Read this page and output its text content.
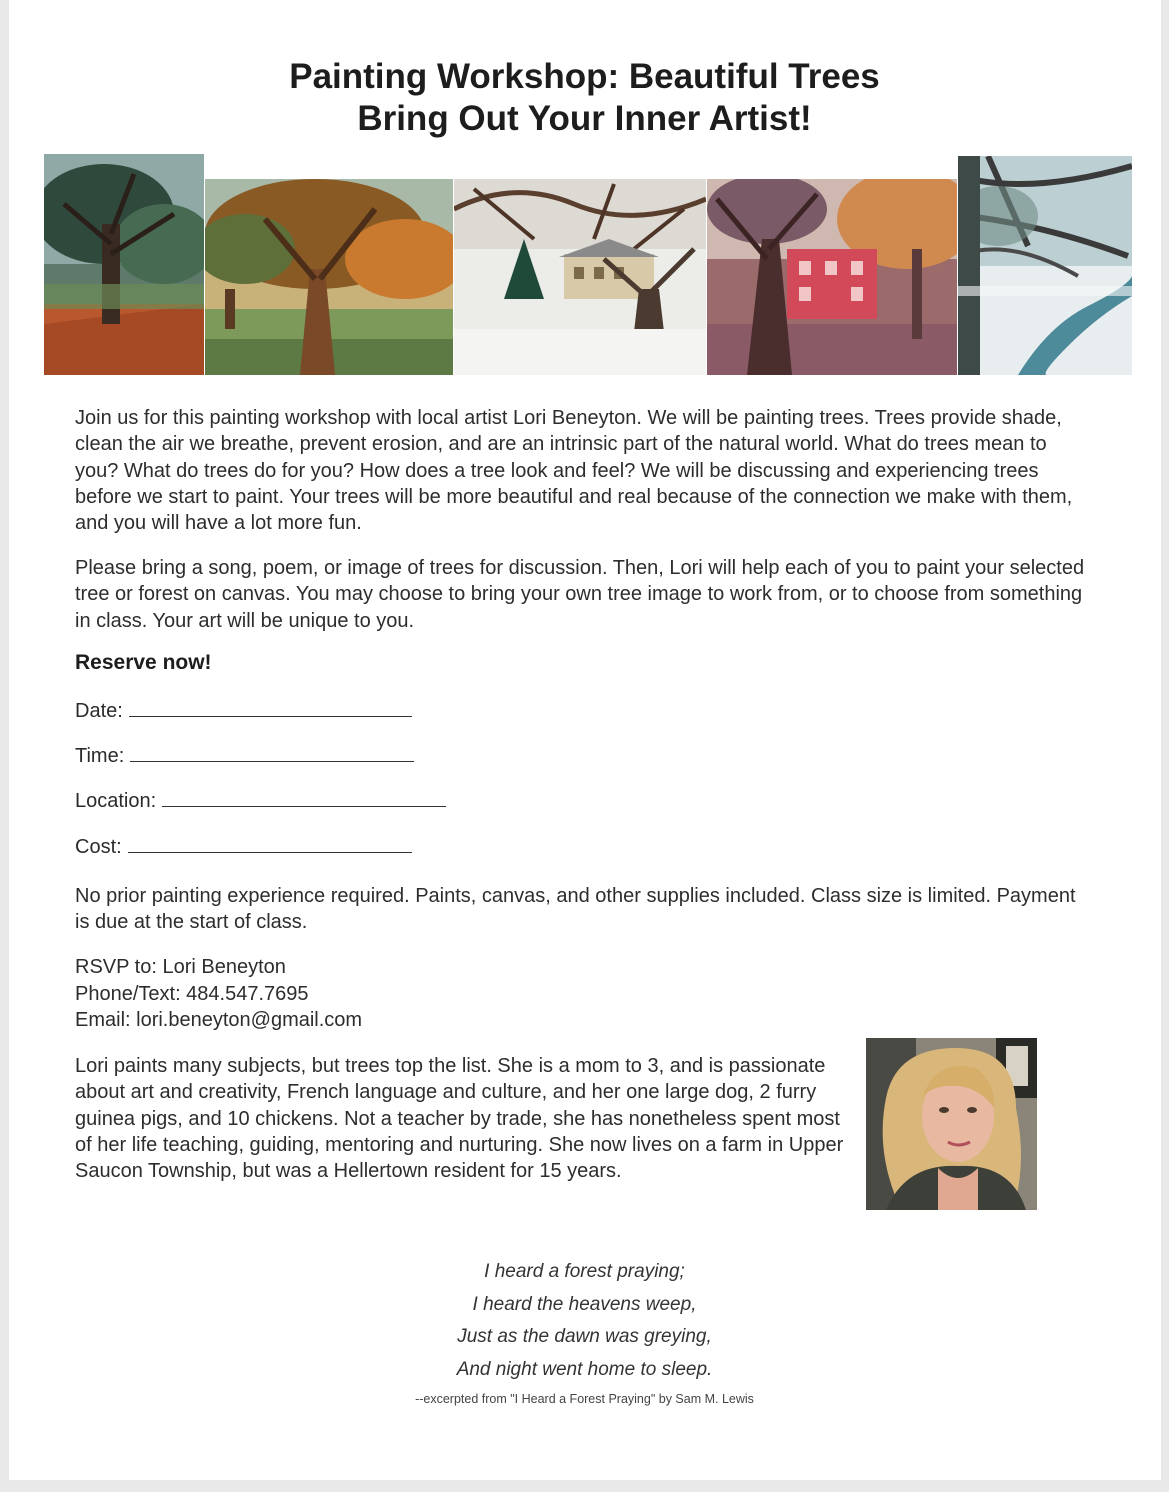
Painting Workshop: Beautiful Trees
Bring Out Your Inner Artist!

Join us for this painting workshop with local artist Lori Beneyton. We will be painting trees. Trees provide shade, clean the air we breathe, prevent erosion, and are an intrinsic part of the natural world. What do trees mean to you? What do trees do for you? How does a tree look and feel? We will be discussing and experiencing trees before we start to paint. Your trees will be more beautiful and real because of the connection we make with them, and you will have a lot more fun.

Please bring a song, poem, or image of trees for discussion. Then, Lori will help each of you to paint your selected tree or forest on canvas. You may choose to bring your own tree image to work from, or to choose from something in class. Your art will be unique to you.

Reserve now!
Date:
Time:
Location:
Cost:

No prior painting experience required. Paints, canvas, and other supplies included. Class size is limited. Payment is due at the start of class.

RSVP to: Lori Beneyton
Phone/Text: 484.547.7695
Email: lori.beneyton@gmail.com

Lori paints many subjects, but trees top the list. She is a mom to 3, and is passionate about art and creativity, French language and culture, and her one large dog, 2 furry guinea pigs, and 10 chickens. Not a teacher by trade, she has nonetheless spent most of her life teaching, guiding, mentoring and nurturing. She now lives on a farm in Upper Saucon Township, but was a Hellertown resident for 15 years.

I heard a forest praying;
I heard the heavens weep,
Just as the dawn was greying,
And night went home to sleep.
--excerpted from "I Heard a Forest Praying" by Sam M. Lewis
